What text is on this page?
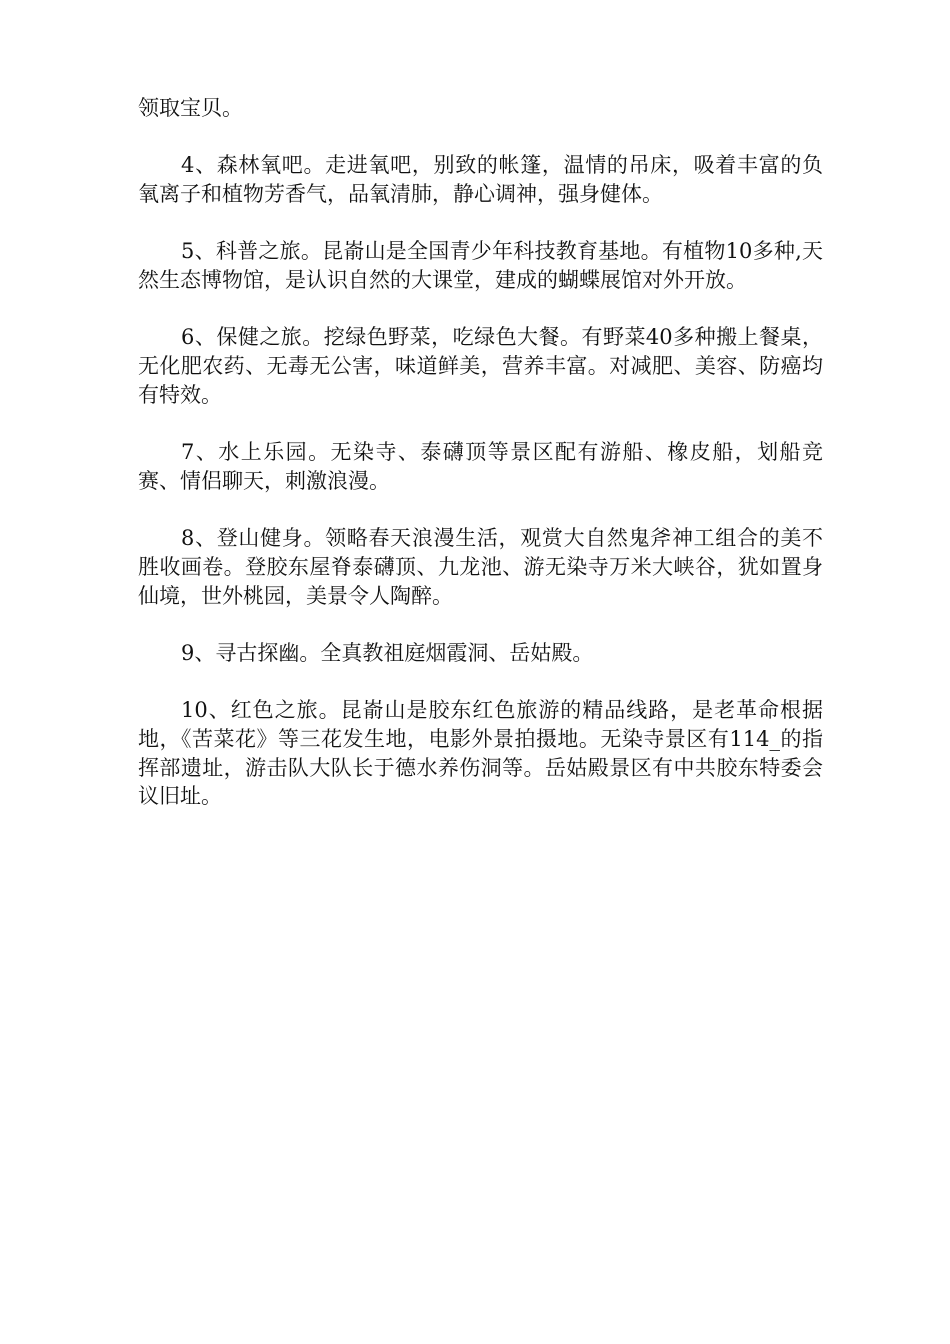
领取宝贝。

4、森林氧吧。走进氧吧，别致的帐篷，温情的吊床，吸着丰富的负氧离子和植物芳香气，品氧清肺，静心调神，强身健体。

5、科普之旅。昆嵛山是全国青少年科技教育基地。有植物10多种,天然生态博物馆，是认识自然的大课堂，建成的蝴蝶展馆对外开放。

6、保健之旅。挖绿色野菜，吃绿色大餐。有野菜40多种搬上餐桌，无化肥农药、无毒无公害，味道鲜美，营养丰富。对减肥、美容、防癌均有特效。

7、水上乐园。无染寺、泰礴顶等景区配有游船、橡皮船，划船竞赛、情侣聊天，刺激浪漫。

8、登山健身。领略春天浪漫生活，观赏大自然鬼斧神工组合的美不胜收画卷。登胶东屋脊泰礴顶、九龙池、游无染寺万米大峡谷，犹如置身仙境，世外桃园，美景令人陶醉。

9、寻古探幽。全真教祖庭烟霞洞、岳姑殿。

10、红色之旅。昆嵛山是胶东红色旅游的精品线路，是老革命根据地，《苦菜花》等三花发生地，电影外景拍摄地。无染寺景区有114_的指挥部遗址，游击队大队长于德水养伤洞等。岳姑殿景区有中共胶东特委会议旧址。
